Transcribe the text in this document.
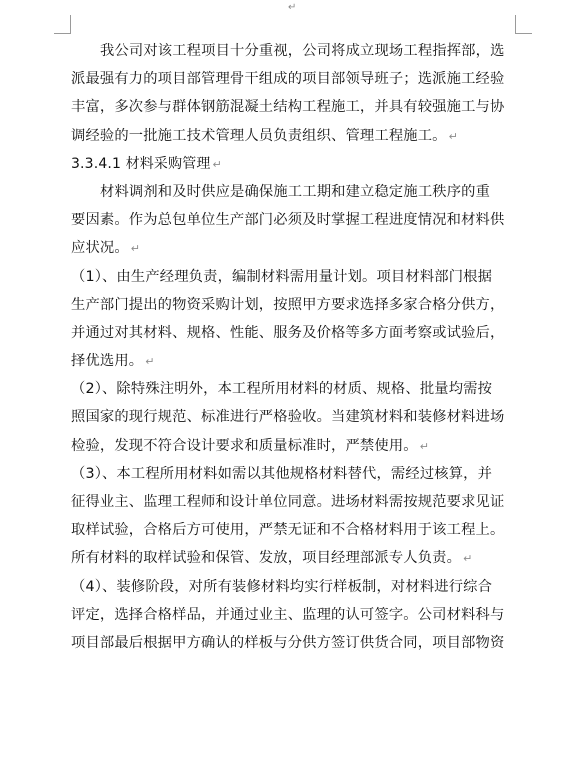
↵
我公司对该工程项目十分重视，公司将成立现场工程指挥部，选
派最强有力的项目部管理骨干组成的项目部领导班子；选派施工经验
丰富，多次参与群体钢筋混凝土结构工程施工，并具有较强施工与协
调经验的一批施工技术管理人员负责组织、管理工程施工。 ↵
3.3.4.1 材料采购管理 ↵
材料调剂和及时供应是确保施工工期和建立稳定施工秩序的重
要因素。作为总包单位生产部门必须及时掌握工程进度情况和材料供
应状况。 ↵
（1）、由生产经理负责，编制材料需用量计划。项目材料部门根据
生产部门提出的物资采购计划，按照甲方要求选择多家合格分供方，
并通过对其材料、规格、性能、服务及价格等多方面考察或试验后，
择优选用。 ↵
（2）、除特殊注明外，本工程所用材料的材质、规格、批量均需按
照国家的现行规范、标准进行严格验收。当建筑材料和装修材料进场
检验，发现不符合设计要求和质量标准时，严禁使用。 ↵
（3）、本工程所用材料如需以其他规格材料替代，需经过核算，并
征得业主、监理工程师和设计单位同意。进场材料需按规范要求见证
取样试验，合格后方可使用，严禁无证和不合格材料用于该工程上。
所有材料的取样试验和保管、发放，项目经理部派专人负责。 ↵
（4）、装修阶段，对所有装修材料均实行样板制，对材料进行综合
评定，选择合格样品，并通过业主、监理的认可签字。公司材料科与
项目部最后根据甲方确认的样板与分供方签订供货合同，项目部物资
